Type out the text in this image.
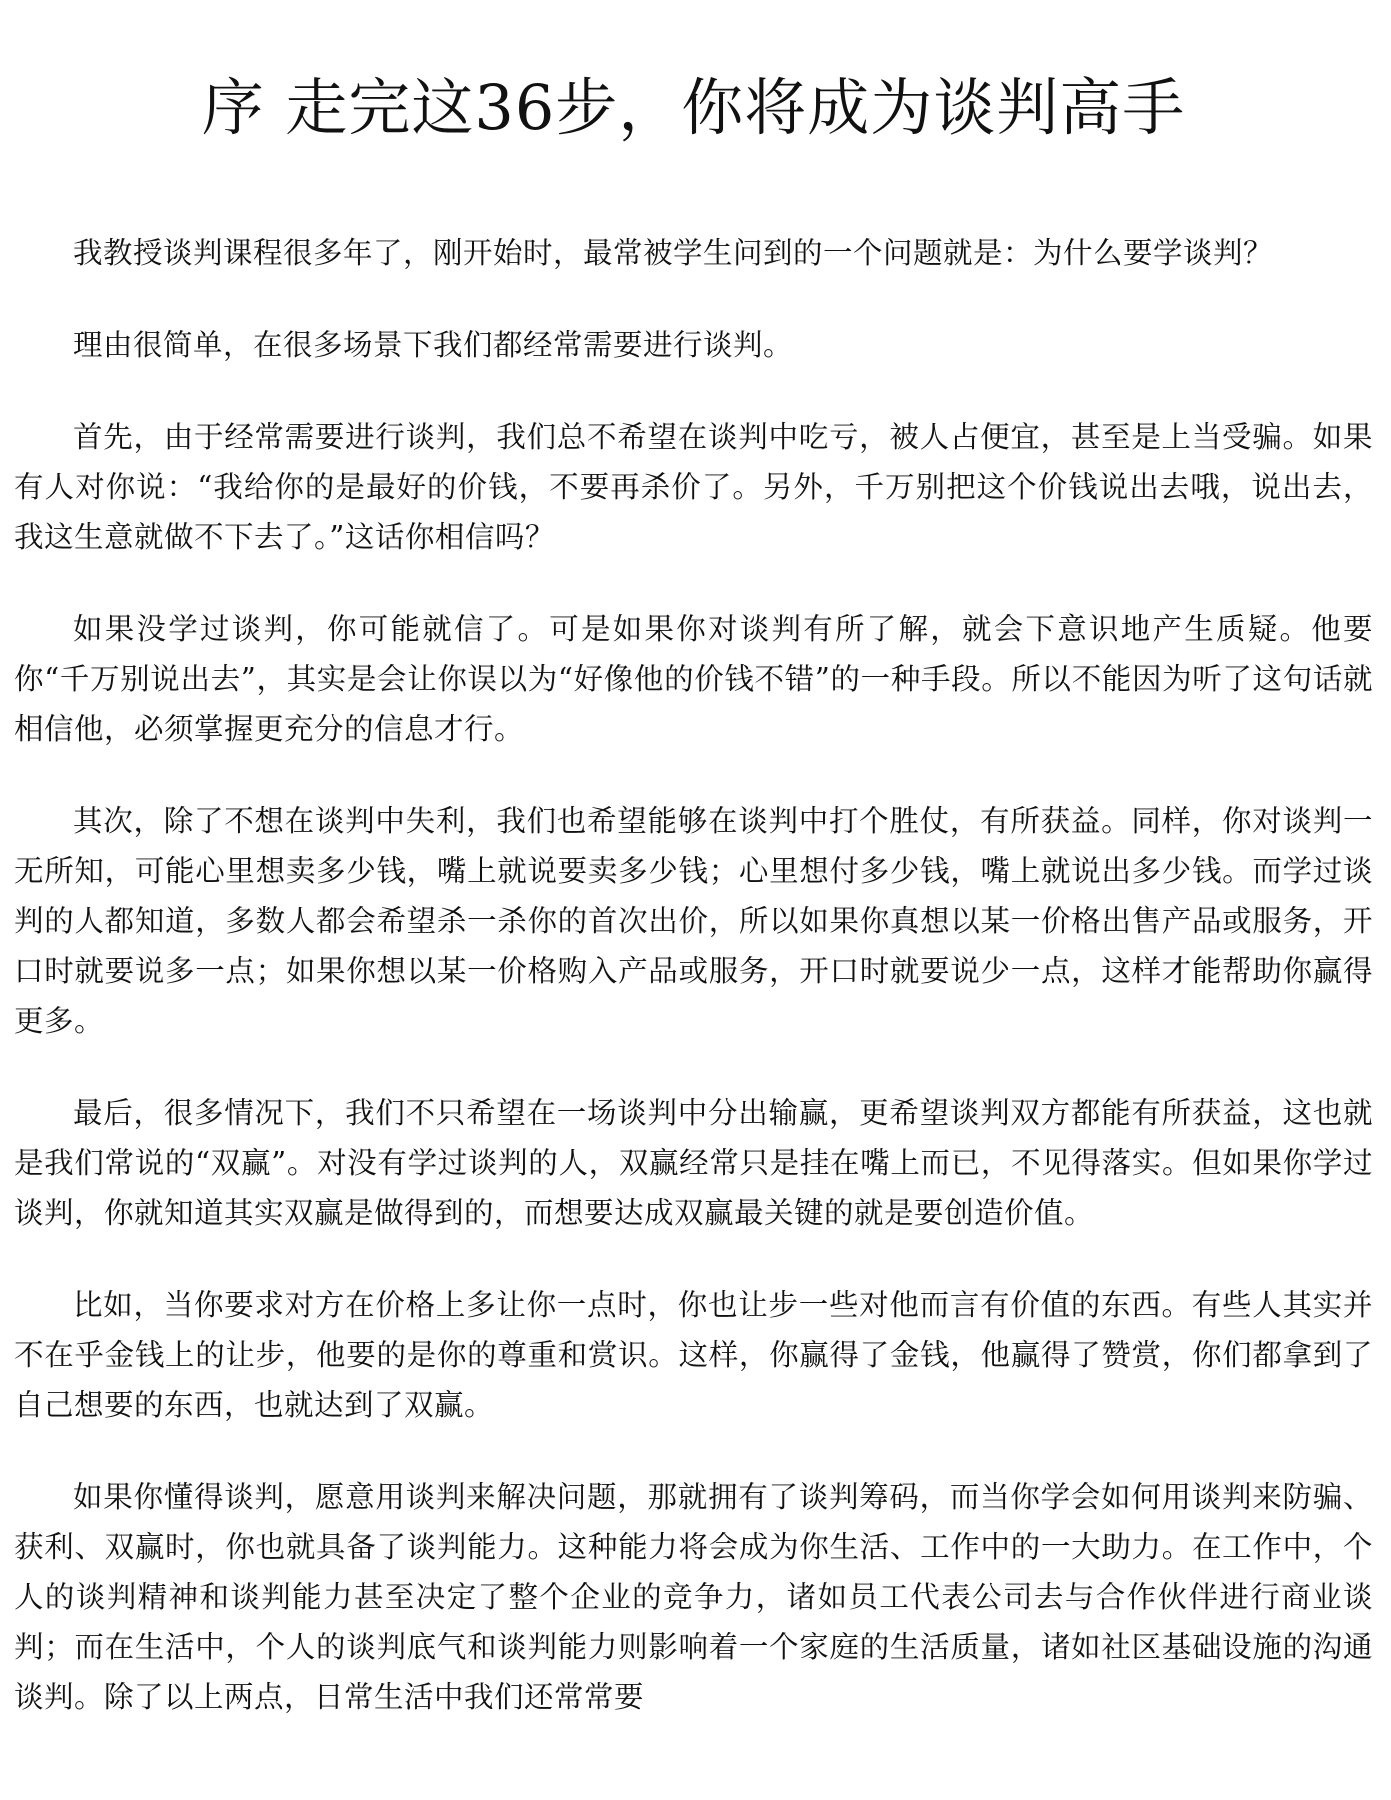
序 走完这36步，你将成为谈判高手

我教授谈判课程很多年了，刚开始时，最常被学生问到的一个问题就是：为什么要学谈判？

理由很简单，在很多场景下我们都经常需要进行谈判。

首先，由于经常需要进行谈判，我们总不希望在谈判中吃亏，被人占便宜，甚至是上当受骗。如果有人对你说：“我给你的是最好的价钱，不要再杀价了。另外，千万别把这个价钱说出去哦，说出去，我这生意就做不下去了。”这话你相信吗？

如果没学过谈判，你可能就信了。可是如果你对谈判有所了解，就会下意识地产生质疑。他要你“千万别说出去”，其实是会让你误以为“好像他的价钱不错”的一种手段。所以不能因为听了这句话就相信他，必须掌握更充分的信息才行。

其次，除了不想在谈判中失利，我们也希望能够在谈判中打个胜仗，有所获益。同样，你对谈判一无所知，可能心里想卖多少钱，嘴上就说要卖多少钱；心里想付多少钱，嘴上就说出多少钱。而学过谈判的人都知道，多数人都会希望杀一杀你的首次出价，所以如果你真想以某一价格出售产品或服务，开口时就要说多一点；如果你想以某一价格购入产品或服务，开口时就要说少一点，这样才能帮助你赢得更多。

最后，很多情况下，我们不只希望在一场谈判中分出输赢，更希望谈判双方都能有所获益，这也就是我们常说的“双赢”。对没有学过谈判的人，双赢经常只是挂在嘴上而已，不见得落实。但如果你学过谈判，你就知道其实双赢是做得到的，而想要达成双赢最关键的就是要创造价值。

比如，当你要求对方在价格上多让你一点时，你也让步一些对他而言有价值的东西。有些人其实并不在乎金钱上的让步，他要的是你的尊重和赏识。这样，你赢得了金钱，他赢得了赞赏，你们都拿到了自己想要的东西，也就达到了双赢。

如果你懂得谈判，愿意用谈判来解决问题，那就拥有了谈判筹码，而当你学会如何用谈判来防骗、获利、双赢时，你也就具备了谈判能力。这种能力将会成为你生活、工作中的一大助力。在工作中，个人的谈判精神和谈判能力甚至决定了整个企业的竞争力，诸如员工代表公司去与合作伙伴进行商业谈判；而在生活中，个人的谈判底气和谈判能力则影响着一个家庭的生活质量，诸如社区基础设施的沟通谈判。除了以上两点，日常生活中我们还常常要
